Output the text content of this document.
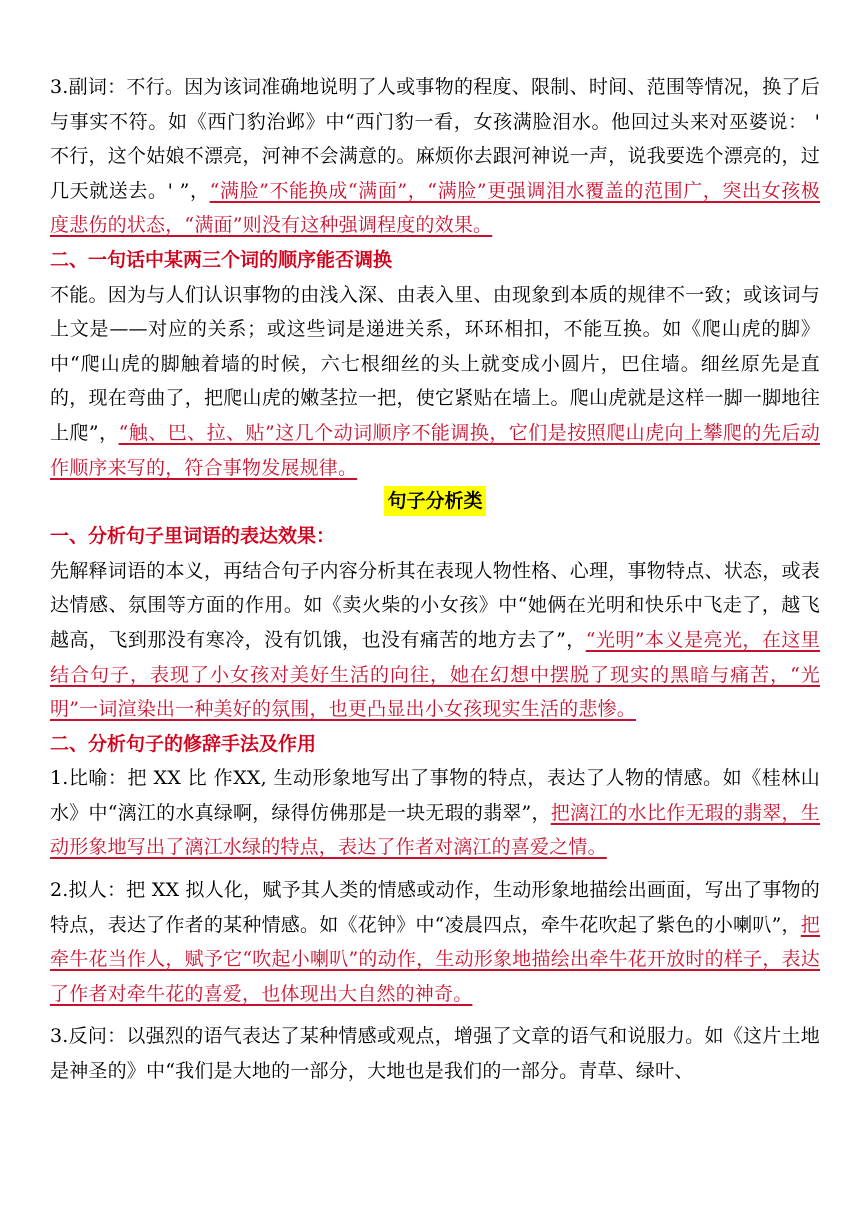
3.副词：不行。因为该词准确地说明了人或事物的程度、限制、时间、范围等情况，换了后与事实不符。如《西门豹治邺》中“西门豹一看，女孩满脸泪水。他回过头来对巫婆说： ' 不行，这个姑娘不漂亮，河神不会满意的。麻烦你去跟河神说一声，说我要选个漂亮的，过几天就送去。' ”，“满脸”不能换成“满面”，“满脸”更强调泪水覆盖的范围广，突出女孩极度悲伤的状态，“满面”则没有这种强调程度的效果。

二、一句话中某两三个词的顺序能否调换

不能。因为与人们认识事物的由浅入深、由表入里、由现象到本质的规律不一致；或该词与上文是——对应的关系；或这些词是递进关系，环环相扣，不能互换。如《爬山虎的脚》中“爬山虎的脚触着墙的时候，六七根细丝的头上就变成小圆片，巴住墙。细丝原先是直的，现在弯曲了，把爬山虎的嫩茎拉一把，使它紧贴在墙上。爬山虎就是这样一脚一脚地往上爬”，“触、巴、拉、贴”这几个动词顺序不能调换，它们是按照爬山虎向上攀爬的先后动作顺序来写的，符合事物发展规律。

句子分析类
一、分析句子里词语的表达效果：

先解释词语的本义，再结合句子内容分析其在表现人物性格、心理，事物特点、状态，或表达情感、氛围等方面的作用。如《卖火柴的小女孩》中“她俩在光明和快乐中飞走了，越飞越高，飞到那没有寒冷，没有饥饿，也没有痛苦的地方去了”，“光明”本义是亮光，在这里结合句子，表现了小女孩对美好生活的向往，她在幻想中摆脱了现实的黑暗与痛苦，“光明”一词渲染出一种美好的氛围，也更凸显出小女孩现实生活的悲惨。

二、分析句子的修辞手法及作用

1.比喻：把 XX 比 作XX, 生动形象地写出了事物的特点，表达了人物的情感。如《桂林山水》中“漓江的水真绿啊，绿得仿佛那是一块无瑕的翡翠”，把漓江的水比作无瑕的翡翠，生动形象地写出了漓江水绿的特点，表达了作者对漓江的喜爱之情。

2.拟人：把 XX 拟人化，赋予其人类的情感或动作，生动形象地描绘出画面，写出了事物的特点，表达了作者的某种情感。如《花钟》中“凌晨四点，牵牛花吹起了紫色的小喇叭”，把牵牛花当作人，赋予它“吹起小喇叭”的动作，生动形象地描绘出牵牛花开放时的样子，表达了作者对牵牛花的喜爱，也体现出大自然的神奇。

3.反问：以强烈的语气表达了某种情感或观点，增强了文章的语气和说服力。如《这片土地是神圣的》中“我们是大地的一部分，大地也是我们的一部分。青草、绿叶、
